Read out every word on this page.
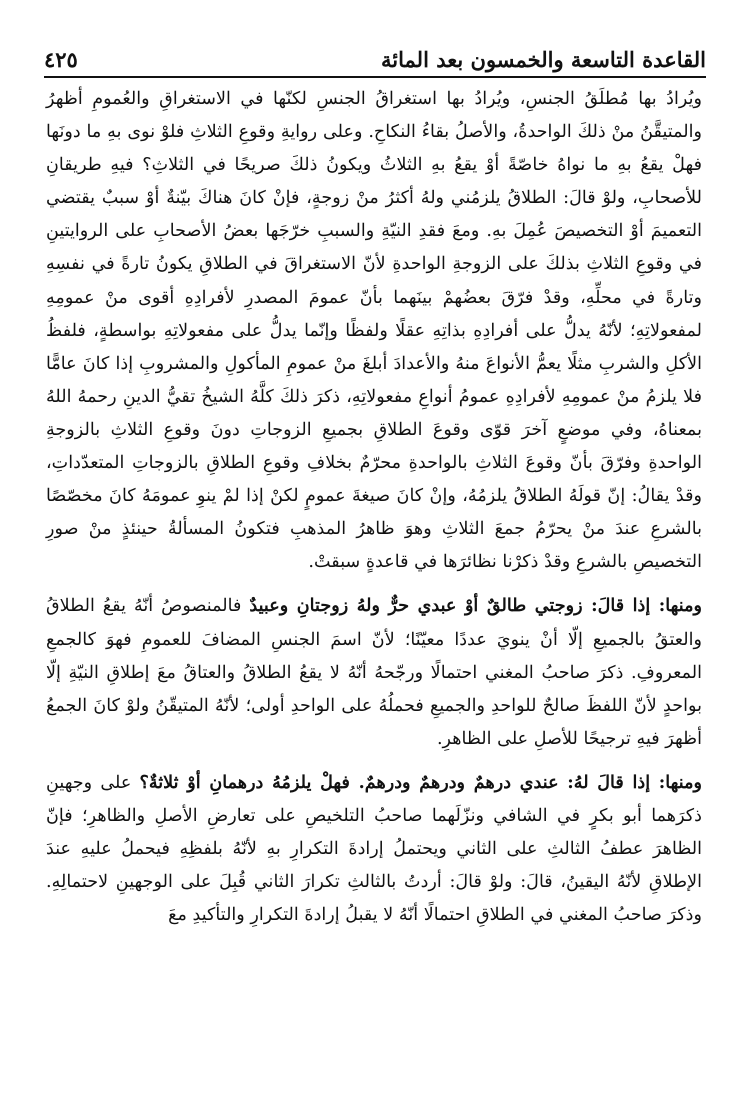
القاعدة التاسعة والخمسون بعد المائة
٤٢٥

ويُرادُ بها مُطلَقُ الجنسِ، ويُرادُ بها استغراقُ الجنسِ لكنّها في الاستغراقِ والعُمومِ أظهرُ والمتيقَّنُ منْ ذلكَ الواحدةُ، والأصلُ بقاءُ النكاحِ. وعلى روايةِ وقوعِ الثلاثِ فلوْ نوى بهِ ما دونَها فهلْ يقعُ بهِ ما نواهُ خاصّةً أوْ يقعُ بهِ الثلاثُ ويكونُ ذلكَ صريحًا في الثلاثِ؟ فيهِ طريقانِ للأصحابِ، ولوْ قالَ: الطلاقُ يلزمُني ولهُ أكثرُ منْ زوجةٍ، فإنْ كانَ هناكَ بيّنةٌ أوْ سببٌ يقتضي التعميمَ أوْ التخصيصَ عُمِلَ بهِ. ومعَ فقدِ النيّةِ والسببِ خرّجَها بعضُ الأصحابِ على الروايتينِ في وقوعِ الثلاثِ بذلكَ على الزوجةِ الواحدةِ لأنّ الاستغراقَ في الطلاقِ يكونُ تارةً في نفسِهِ وتارةً في محلِّهِ، وقدْ فرّقَ بعضُهمْ بينَهما بأنّ عمومَ المصدرِ لأفرادِهِ أقوى منْ عمومِهِ لمفعولاتِهِ؛ لأنّهُ يدلُّ على أفرادِهِ بذاتِهِ عقلًا ولفظًا وإنّما يدلُّ على مفعولاتِهِ بواسطةٍ، فلفظُ الأكلِ والشربِ مثلًا يعمُّ الأنواعَ منهُ والأعدادَ أبلغَ منْ عمومِ المأكولِ والمشروبِ إذا كانَ عامًّا فلا يلزمُ منْ عمومِهِ لأفرادِهِ عمومُ أنواعِ مفعولاتِهِ، ذكرَ ذلكَ كلَّهُ الشيخُ تقيُّ الدينِ رحمهُ اللهُ بمعناهُ، وفي موضعٍ آخرَ قوّى وقوعَ الطلاقِ بجميعِ الزوجاتِ دونَ وقوعِ الثلاثِ بالزوجةِ الواحدةِ وفرّقَ بأنّ وقوعَ الثلاثِ بالواحدةِ محرّمٌ بخلافِ وقوعِ الطلاقِ بالزوجاتِ المتعدّداتِ، وقدْ يقالُ: إنّ قولَهُ الطلاقُ يلزمُهُ، وإنْ كانَ صيغةَ عمومٍ لكنْ إذا لمْ ينوِ عمومَهُ كانَ مخصّصًا بالشرعِ عندَ منْ يحرّمُ جمعَ الثلاثِ وهوَ ظاهرُ المذهبِ فتكونُ المسألةُ حينئذٍ منْ صورِ التخصيصِ بالشرعِ وقدْ ذكرْنا نظائرَها في قاعدةٍ سبقتْ.

ومنها: إذا قالَ: زوجتي طالقٌ أوْ عبدي حرٌّ ولهُ زوجتانِ وعبيدٌ فالمنصوصُ أنّهُ يقعُ الطلاقُ والعتقُ بالجميعِ إلّا أنْ ينويَ عددًا معيّنًا؛ لأنّ اسمَ الجنسِ المضافَ للعمومِ فهوَ كالجمعِ المعروفِ. ذكرَ صاحبُ المغني احتمالًا ورجّحهُ أنّهُ لا يقعُ الطلاقُ والعتاقُ معَ إطلاقِ النيّةِ إلّا بواحدٍ لأنّ اللفظَ صالحٌ للواحدِ والجميعِ فحملُهُ على الواحدِ أولى؛ لأنّهُ المتيقّنُ ولوْ كانَ الجمعُ أظهرَ فيهِ ترجيحًا للأصلِ على الظاهرِ.

ومنها: إذا قالَ لهُ: عندي درهمٌ ودرهمٌ ودرهمٌ. فهلْ يلزمُهُ درهمانِ أوْ ثلاثةٌ؟ على وجهينِ ذكرَهما أبو بكرٍ في الشافي ونزّلَهما صاحبُ التلخيصِ على تعارضِ الأصلِ والظاهرِ؛ فإنّ الظاهرَ عطفُ الثالثِ على الثاني ويحتملُ إرادةَ التكرارِ بهِ لأنّهُ بلفظِهِ فيحملُ عليهِ عندَ الإطلاقِ لأنّهُ اليقينُ، قالَ: ولوْ قالَ: أردتُ بالثالثِ تكرارَ الثاني قُبِلَ على الوجهينِ لاحتمالِهِ. وذكرَ صاحبُ المغني في الطلاقِ احتمالًا أنّهُ لا يقبلُ إرادةَ التكرارِ والتأكيدِ معَ
